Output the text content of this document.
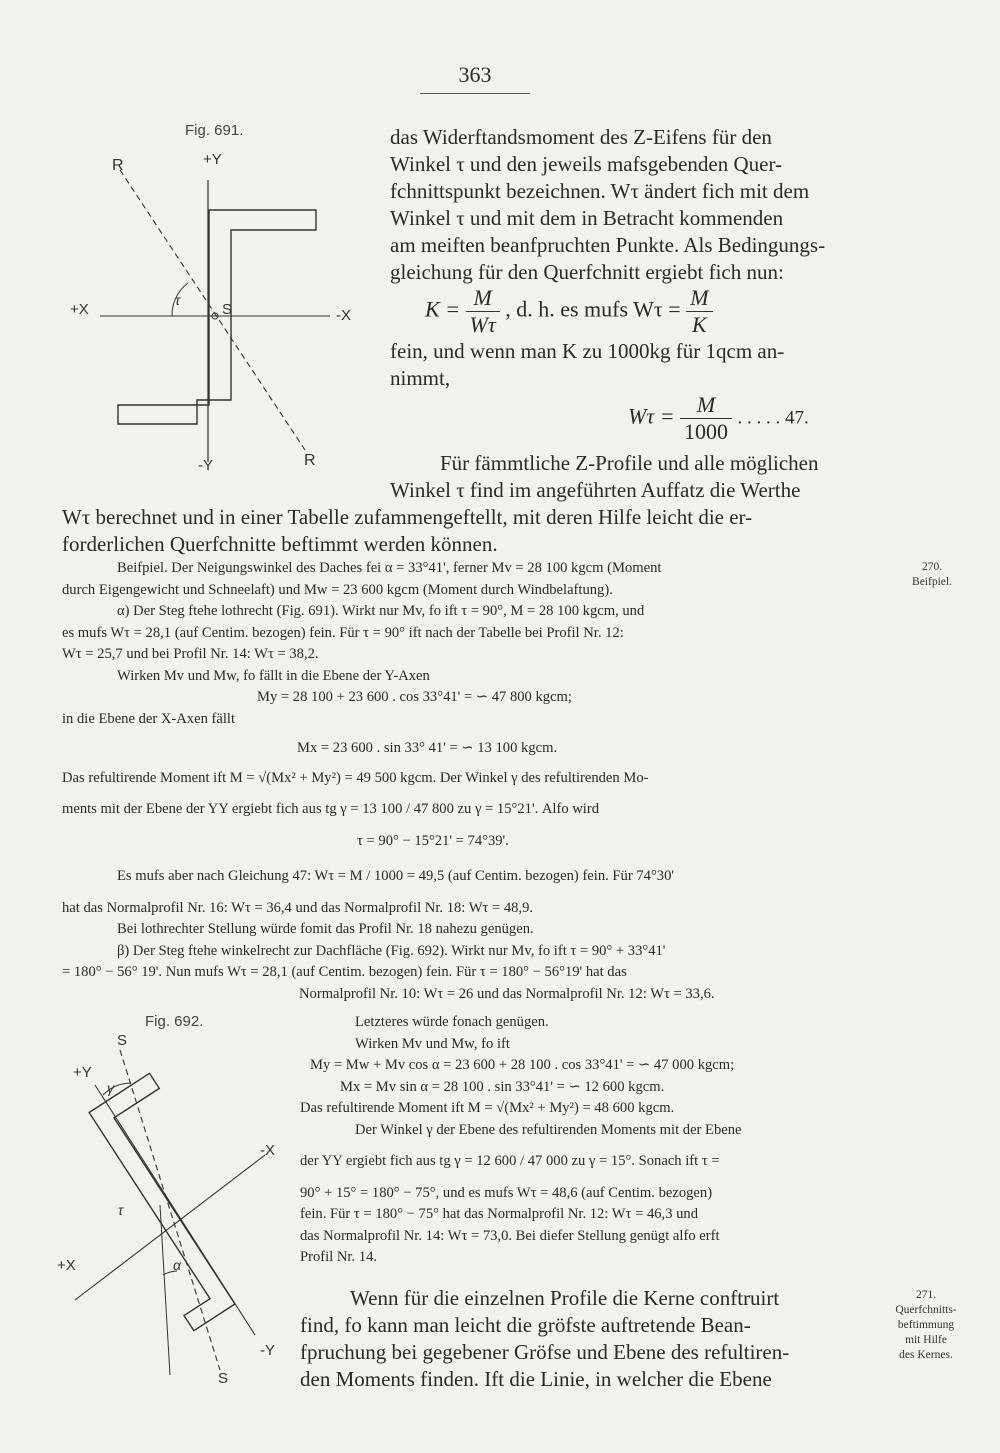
363
Fig. 691.
R	+Y
+X	S	-X
-Y	R
τ
das Widerftandsmoment des Z-Eifens für den
Winkel τ und den jeweils mafsgebenden Quer-
fchnittspunkt bezeichnen. Wτ ändert fich mit dem
Winkel τ und mit dem in Betracht kommenden
am meiften beanfpruchten Punkte. Als Bedingungs-
gleichung für den Querfchnitt ergiebt fich nun:
$K = \frac{M}{W\tau}$ , d. h. es mufs $W\tau = \frac{M}{K}$
fein, und wenn man K zu 1000kg für 1qcm an-
nimmt,
$W\tau = \frac{M}{1000}$ . . . . . 47.
Für fämmtliche Z-Profile und alle möglichen
Winkel τ find im angeführten Auffatz die Werthe
Wτ berechnet und in einer Tabelle zufammengeftellt, mit deren Hilfe leicht die er-
forderlichen Querfchnitte beftimmt werden können.
Beifpiel. Der Neigungswinkel des Daches fei α = 33°41', ferner Mv = 28 100 kgcm (Moment
durch Eigengewicht und Schneelaft) und Mw = 23 600 kgcm (Moment durch Windbelaftung).
α) Der Steg ftehe lothrecht (Fig. 691). Wirkt nur Mv, fo ift τ = 90°, M = 28 100 kgcm, und
es mufs Wτ = 28,1 (auf Centim. bezogen) fein. Für τ = 90° ift nach der Tabelle bei Profil Nr. 12:
Wτ = 25,7 und bei Profil Nr. 14: Wτ = 38,2.
Wirken Mv und Mw, fo fällt in die Ebene der Y-Axen
My = 28 100 + 23 600 . cos 33°41' = ∽ 47 800 kgcm;
in die Ebene der X-Axen fällt
Mx = 23 600 . sin 33° 41' = ∽ 13 100 kgcm.
Das refultirende Moment ift M = √(Mx² + My²) = 49 500 kgcm. Der Winkel γ des refultirenden Mo-
ments mit der Ebene der YY ergiebt fich aus tg γ = 13 100 / 47 800 zu γ = 15°21'. Alfo wird
τ = 90° − 15°21' = 74°39'.
Es mufs aber nach Gleichung 47: Wτ = M / 1000 = 49,5 (auf Centim. bezogen) fein. Für 74°30'
hat das Normalprofil Nr. 16: Wτ = 36,4 und das Normalprofil Nr. 18: Wτ = 48,9.
Bei lothrechter Stellung würde fomit das Profil Nr. 18 nahezu genügen.
β) Der Steg ftehe winkelrecht zur Dachfläche (Fig. 692). Wirkt nur Mv, fo ift τ = 90° + 33°41'
= 180° − 56° 19'. Nun mufs Wτ = 28,1 (auf Centim. bezogen) fein. Für τ = 180° − 56°19' hat das
Normalprofil Nr. 10: Wτ = 26 und das Normalprofil Nr. 12: Wτ = 33,6.
Fig. 692.
S
+Y
γ
-X
τ
+X	α
-Y
S
Letzteres würde fonach genügen.
Wirken Mv und Mw, fo ift
My = Mw + Mv cos α = 23 600 + 28 100 . cos 33°41' = ∽ 47 000 kgcm;
Mx = Mv sin α = 28 100 . sin 33°41' = ∽ 12 600 kgcm.
Das refultirende Moment ift M = √(Mx² + My²) = 48 600 kgcm.
Der Winkel γ der Ebene des refultirenden Moments mit der Ebene
der YY ergiebt fich aus tg γ = 12 600 / 47 000 zu γ = 15°. Sonach ift τ =
90° + 15° = 180° − 75°, und es mufs Wτ = 48,6 (auf Centim. bezogen)
fein. Für τ = 180° − 75° hat das Normalprofil Nr. 12: Wτ = 46,3 und
das Normalprofil Nr. 14: Wτ = 73,0. Bei diefer Stellung genügt alfo erft
Profil Nr. 14.
Wenn für die einzelnen Profile die Kerne conftruirt
find, fo kann man leicht die gröfste auftretende Bean-
fpruchung bei gegebener Gröfse und Ebene des refultiren-
den Moments finden. Ift die Linie, in welcher die Ebene
270.
Beifpiel.
271.
Querfchnitts-
beftimmung
mit Hilfe
des Kernes.
